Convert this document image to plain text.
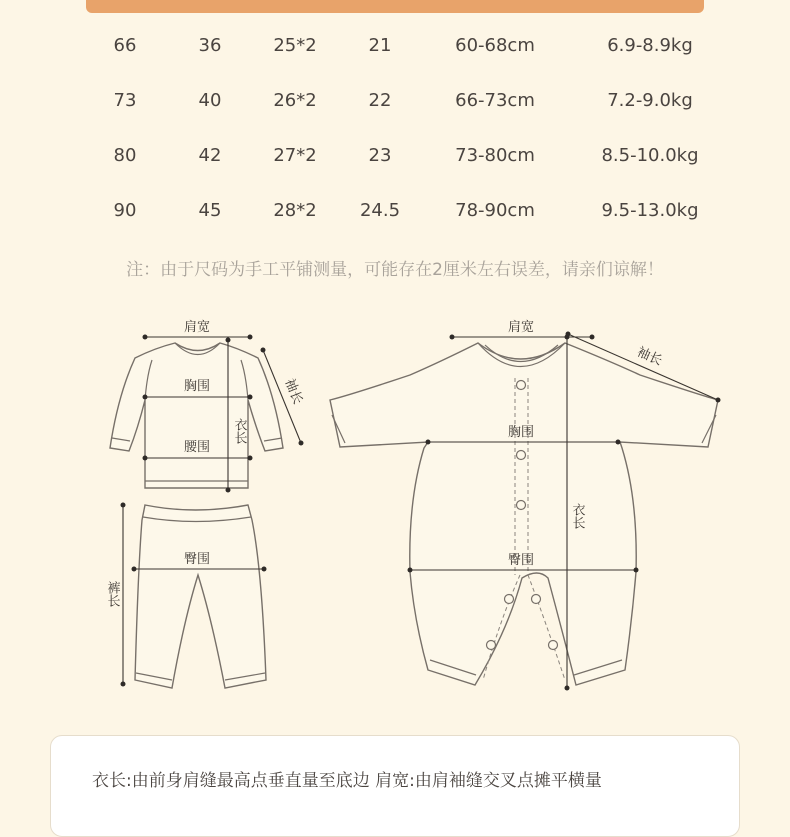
66	36	25*2	21	60-68cm	6.9-8.9kg
73	40	26*2	22	66-73cm	7.2-9.0kg
80	42	27*2	23	73-80cm	8.5-10.0kg
90	45	28*2	24.5	78-90cm	9.5-13.0kg
注：由于尺码为手工平铺测量，可能存在2厘米左右误差，请亲们谅解！
肩宽
胸围
腰围
衣长
袖长
臀围
裤长
肩宽
胸围
臀围
衣长
袖长
衣长:由前身肩缝最高点垂直量至底边 肩宽:由肩袖缝交叉点摊平横量
